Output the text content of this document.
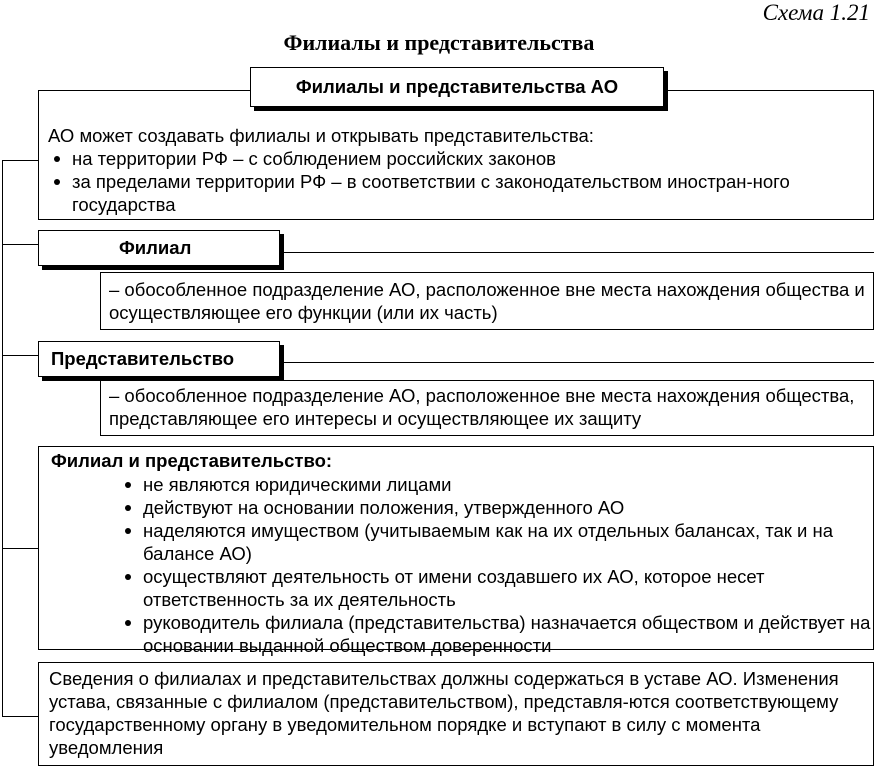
Схема 1.21
Филиалы и представительства
Филиалы и представительства АО
АО может создавать филиалы и открывать представительства:
на территории РФ – с соблюдением российских законов
за пределами территории РФ – в соответствии с законодательством иностран-ного государства
Филиал
– обособленное подразделение АО, расположенное вне места нахождения общества и осуществляющее его функции (или их часть)
Представительство
– обособленное подразделение АО, расположенное вне места нахождения общества, представляющее его интересы и осуществляющее их защиту
Филиал и представительство:
не являются юридическими лицами
действуют на основании положения, утвержденного АО
наделяются имуществом (учитываемым как на их отдельных балансах, так и на балансе АО)
осуществляют деятельность от имени создавшего их АО, которое несет ответственность за их деятельность
руководитель филиала (представительства) назначается обществом и действует на основании выданной обществом доверенности
Сведения о филиалах и представительствах должны содержаться в уставе АО. Изменения устава, связанные с филиалом (представительством), представля-ются соответствующему государственному органу в уведомительном порядке и вступают в силу с момента уведомления
